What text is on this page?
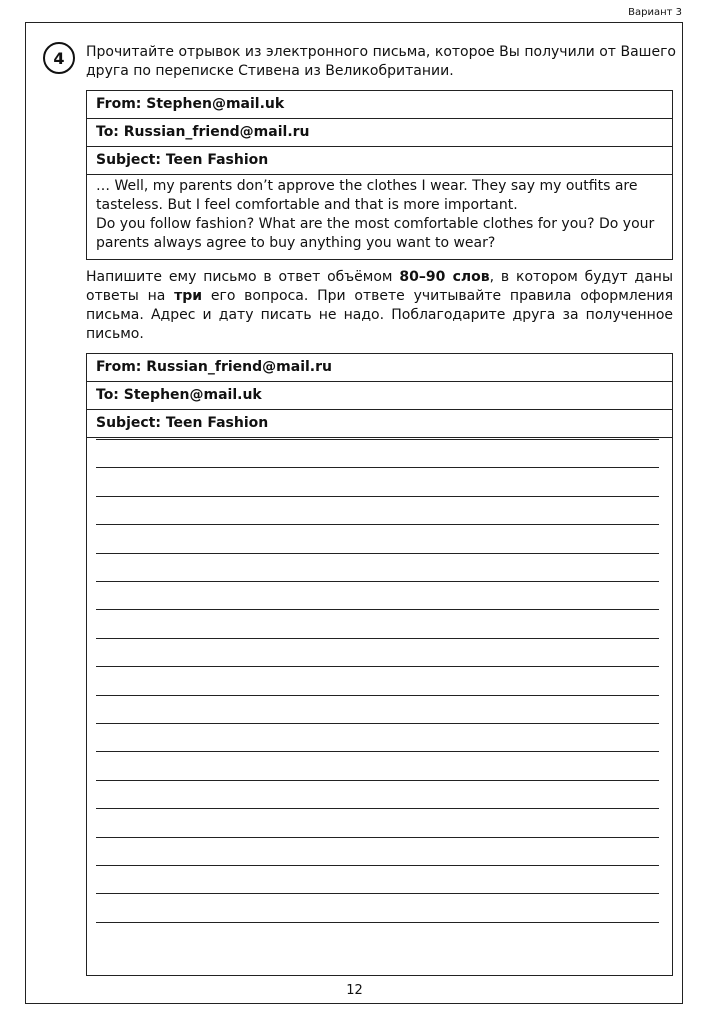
Вариант 3
4	Прочитайте отрывок из электронного письма, которое Вы получили от Вашего друга по переписке Стивена из Великобритании.
From: Stephen@mail.uk
To: Russian_friend@mail.ru
Subject: Teen Fashion
… Well, my parents don’t approve the clothes I wear. They say my outfits are tasteless. But I feel comfortable and that is more important.
Do you follow fashion? What are the most comfortable clothes for you? Do your parents always agree to buy anything you want to wear?
Напишите ему письмо в ответ объёмом 80–90 слов, в котором будут даны ответы на три его вопроса. При ответе учитывайте правила оформления письма. Адрес и дату писать не надо. Поблагодарите друга за полученное письмо.
From: Russian_friend@mail.ru
To: Stephen@mail.uk
Subject: Teen Fashion
12
